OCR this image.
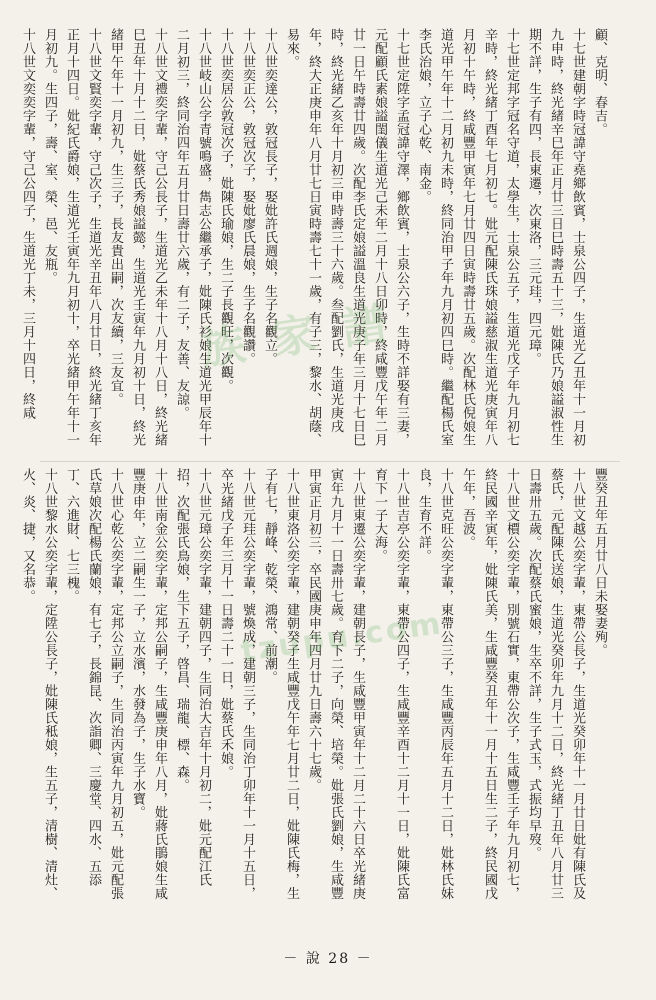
顧、克明、春吉。

十七世建朝字時冠諱守堯鄉飲賓，士泉公四子，生道光乙丑年十一月初九申時，終光緒辛巳年正月廿三日巳時壽五十三，妣陳氏乃娘謚淑性生期不詳，生子有四，長東遷，次東洛，三元珪，四元璋。

十七世定邦字冠名守道，太學生，士泉公五子，生道光戊子年九月初七辛時，終光緒丁酉年七月初七。妣元配陳氏珠娘謚慈淑生道光庚寅年八月初十午時，終咸豐甲寅年七月廿四日寅時壽廿五歲。次配林氏倪娘生道光甲午年十二月初九未時，終同治甲子年九月初四巳時。繼配楊氏室李氏治娘，立子心乾、南金。

十七世定陞字孟冠諱守澤，鄉飲賓，士泉公六子，生時不詳娶有三妻，元配顧氏素娘謚閨儀生道光己未年二月十八日卯時，終咸豐戊午年二月廿一日午時壽廿四歲。次配李氏定娘謚溫良生道光庚子年三月十七日巳時，終光緒乙亥年十月初三申時壽三十六歲。叁配劉氏，生道光庚戌年，終大正庚申年八月廿七日寅時壽七十一歲，有子三，黎水、胡蔭、易來。

十八世奕達公，敦冠長子，娶妣許氏週娘，生子名觀立。

十八世奕正公，敦冠次子，娶妣廖氏晨娘，生子名觀讚。

十八世奕居公敦冠次子，妣陳氏瑜娘，生二子長觀旺，次觀。

十八世岐山公字青號鳴盛，雋志公繼承子，妣陳氏衫娘生道光甲辰年十二月初三，終同治四年五月廿日壽廿六歲，有二子，友善、友諒。

十八世文禮奕字輩，守己公長子，生道光乙未年十八月十八日，終光緒巳丑年十月十二日，妣蔡氏秀娘謚懿，生道光壬寅年九月初十日，終光緒甲午年十一月初九，生三子，長友貴出嗣，次友續，三友宜。

十八世文賢奕字輩，守己次子，生道光辛丑年八月廿日，終光緒丁亥年正月十四日。妣紀氏爵娘，生道光壬寅年九月初十，卒光緒甲午年十一月初九。生四子，壽、室、榮、邑、友瓶。

十八世文奕奕字輩，守己公四子，生道光丁未，三月十四日，終咸

豐癸丑年五月廿八日未娶妻殉。

十八世文越公奕字輩，東帶公長子，生道光癸卯年十一月廿日妣有陳氏及蔡氏，元配陳氏送娘，生道光癸卯年九月十二日，終光緒丁丑年八月廿三日壽卅五歲。次配蔡氏蜜娘，生卒不詳，生子式玉，式振均早歿。

十八世文檟公奕字輩，別號石實，東帶公次子，生咸豐壬子年九月初七，終民國辛寅年，妣陳氏美，生咸豐癸丑年十一月十五日生二子，終民國戊午年，吾波。

十八世克旺公奕字輩，東帶公三子，生咸豐丙辰年五月十二日，妣林氏妹良，生育不詳。

十八世吉亭公奕字輩，東帶公四子，生咸豐辛酉十二月十一日，妣陳氏富育下一子大海。

十八世東遷公奕字輩，建朝長子，生咸豐甲寅年十二月二十六日卒光緒庚寅年九月十一日壽卅七歲。育下二子，向榮、培榮。妣張氏劉娘，生咸豐甲寅正月初三，卒民國庚申年四月廿九日壽六十七歲。

十八世東洛公奕字輩，建朝癸子生咸豐戊午年七月廿二日，妣陳氏梅，生子有七，靜峰、乾榮、鴻常、前潮。

十八世元珪公奕字輩，號煥成，建朝三子，生同治丁卯年十一月十五日，卒光緒戊子年三月十一日壽二十一日，妣蔡氏禾娘。

十八世元璋公奕字輩，建朝四子，生同治大吉年十月初二，妣元配江氏招，次配張氏鳥娘，生下五子，啓昌、瑞龍、標、森。

十八世南金公奕字輩，定邦公嗣子，生咸豐庚申年八月，妣蔣氏鵑娘生咸豐庚申年，立二嗣生一子，立水濱，水發為子，生子水寶。

十八世心乾公奕字輩，定邦公立嗣子，生同治丙寅年九月初五，妣元配張氏草娘次配楊氏蘭娘，有七子，長錦昆、次詣卿、三慶堂、四水、五添丁、六進財、七三槐。

十八世黎水公奕字輩，定陞公長子，妣陳氏秪娘，生五子，清樹、清灶、火、炎、捷，又名恭。

族 家 譜
tzupu.com
－ 說 28 －
